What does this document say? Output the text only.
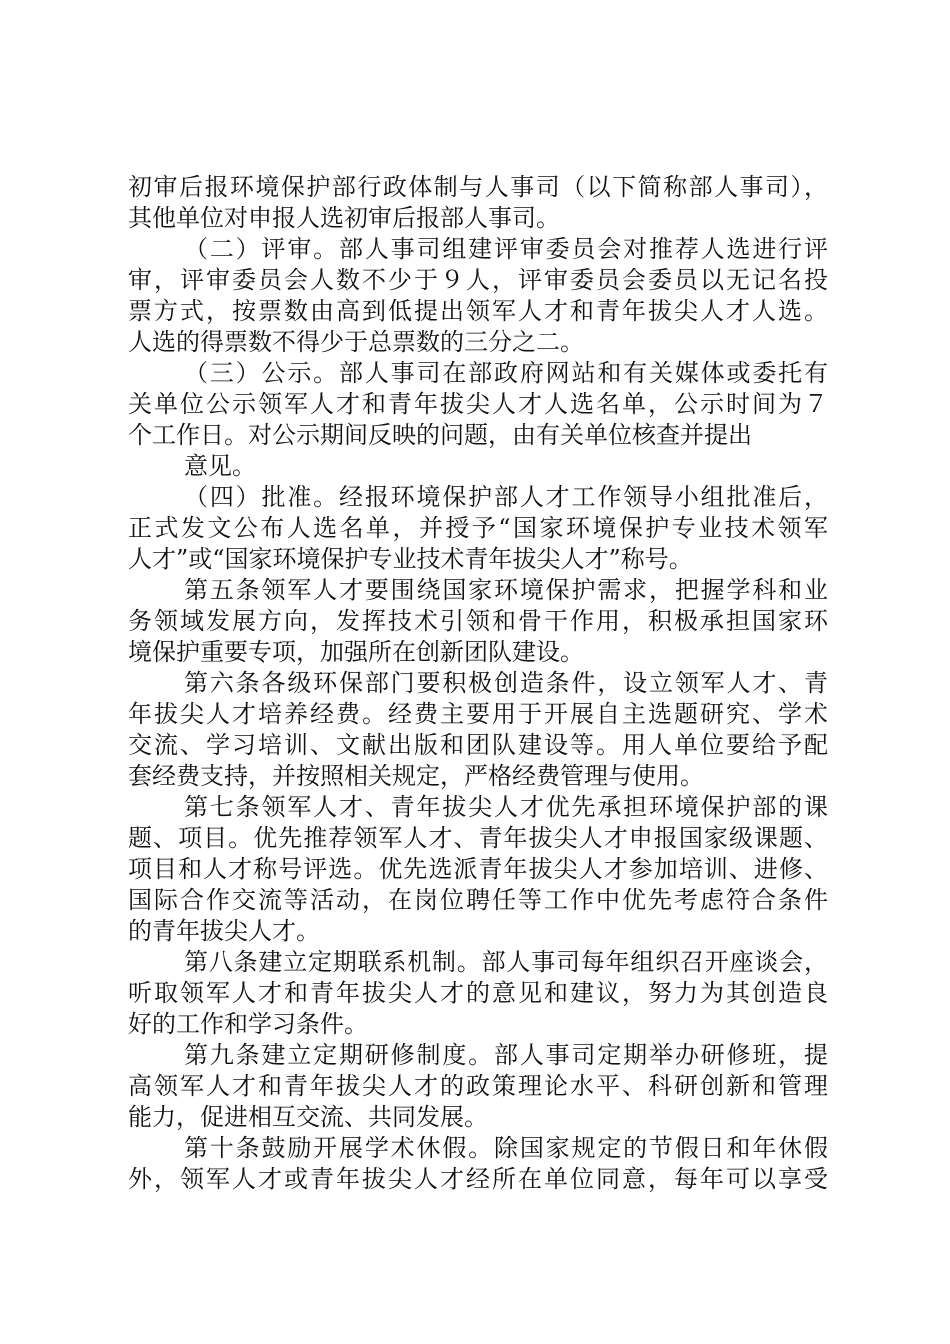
初审后报环境保护部行政体制与人事司（以下简称部人事司），
其他单位对申报人选初审后报部人事司。
（二）评审。部人事司组建评审委员会对推荐人选进行评
审，评审委员会人数不少于９人，评审委员会委员以无记名投
票方式，按票数由高到低提出领军人才和青年拔尖人才人选。
人选的得票数不得少于总票数的三分之二。
（三）公示。部人事司在部政府网站和有关媒体或委托有
关单位公示领军人才和青年拔尖人才人选名单，公示时间为７
个工作日。对公示期间反映的问题，由有关单位核查并提出
意见。
（四）批准。经报环境保护部人才工作领导小组批准后，
正式发文公布人选名单，并授予“国家环境保护专业技术领军
人才”或“国家环境保护专业技术青年拔尖人才”称号。
第五条领军人才要围绕国家环境保护需求，把握学科和业
务领域发展方向，发挥技术引领和骨干作用，积极承担国家环
境保护重要专项，加强所在创新团队建设。
第六条各级环保部门要积极创造条件，设立领军人才、青
年拔尖人才培养经费。经费主要用于开展自主选题研究、学术
交流、学习培训、文献出版和团队建设等。用人单位要给予配
套经费支持，并按照相关规定，严格经费管理与使用。
第七条领军人才、青年拔尖人才优先承担环境保护部的课
题、项目。优先推荐领军人才、青年拔尖人才申报国家级课题、
项目和人才称号评选。优先选派青年拔尖人才参加培训、进修、
国际合作交流等活动，在岗位聘任等工作中优先考虑符合条件
的青年拔尖人才。
第八条建立定期联系机制。部人事司每年组织召开座谈会，
听取领军人才和青年拔尖人才的意见和建议，努力为其创造良
好的工作和学习条件。
第九条建立定期研修制度。部人事司定期举办研修班，提
高领军人才和青年拔尖人才的政策理论水平、科研创新和管理
能力，促进相互交流、共同发展。
第十条鼓励开展学术休假。除国家规定的节假日和年休假
外，领军人才或青年拔尖人才经所在单位同意，每年可以享受
